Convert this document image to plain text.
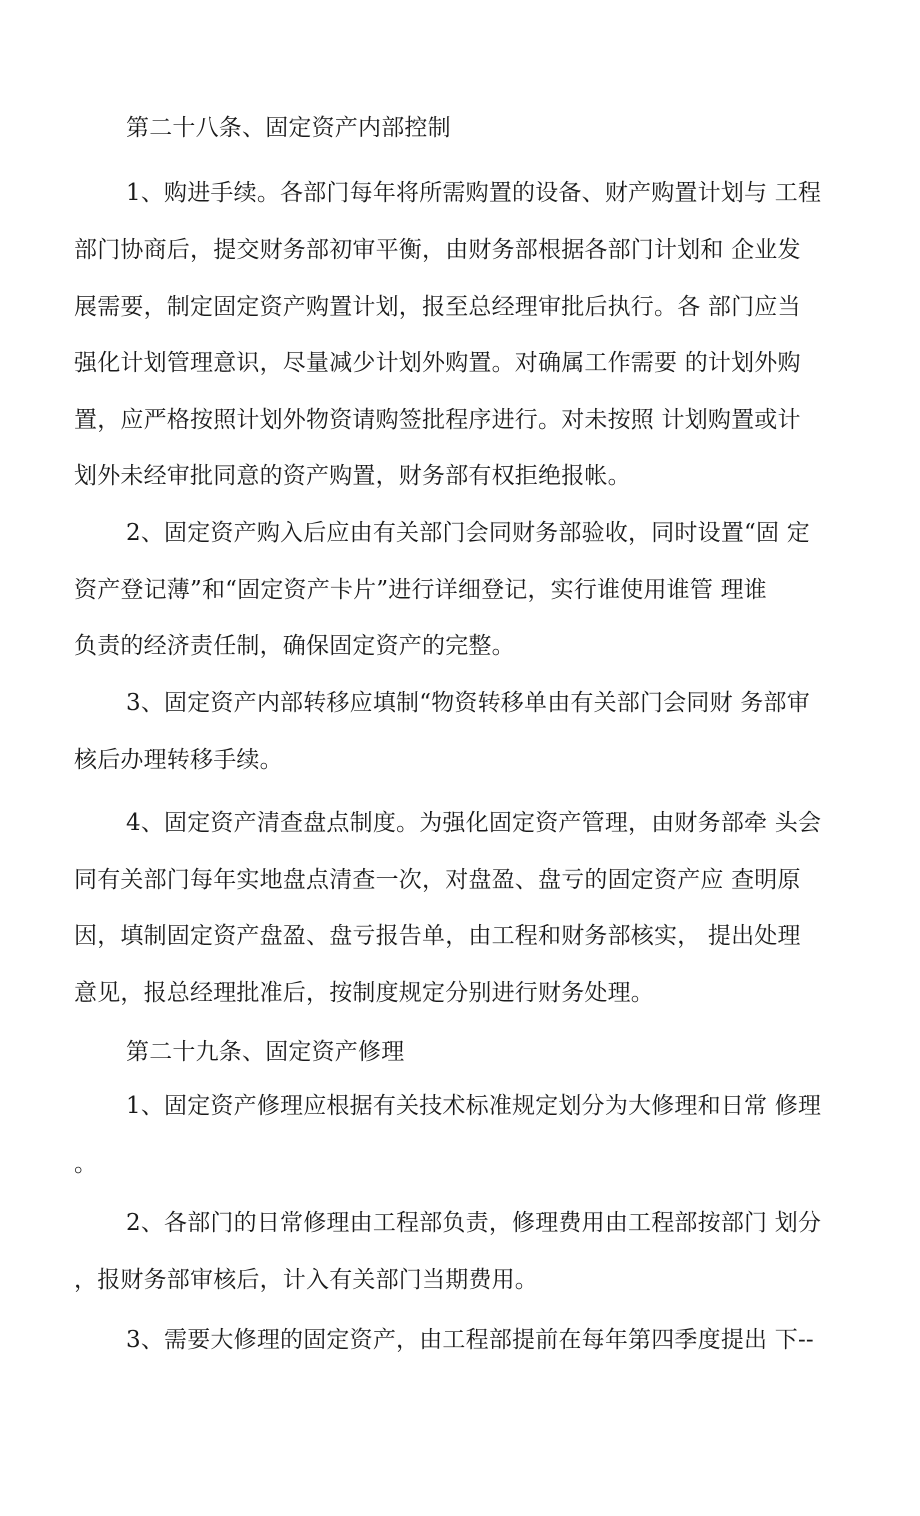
第二十八条、固定资产内部控制
1、购进手续。各部门每年将所需购置的设备、财产购置计划与 工程
部门协商后，提交财务部初审平衡，由财务部根据各部门计划和 企业发
展需要，制定固定资产购置计划，报至总经理审批后执行。各 部门应当
强化计划管理意识，尽量减少计划外购置。对确属工作需要 的计划外购
置，应严格按照计划外物资请购签批程序进行。对未按照 计划购置或计
划外未经审批同意的资产购置，财务部有权拒绝报帐。
2、固定资产购入后应由有关部门会同财务部验收，同时设置“固 定
资产登记薄”和“固定资产卡片”进行详细登记，实行谁使用谁管 理谁
负责的经济责任制，确保固定资产的完整。
3、固定资产内部转移应填制“物资转移单由有关部门会同财 务部审
核后办理转移手续。
4、固定资产清查盘点制度。为强化固定资产管理，由财务部牵 头会
同有关部门每年实地盘点清查一次，对盘盈、盘亏的固定资产应 查明原
因，填制固定资产盘盈、盘亏报告单，由工程和财务部核实， 提出处理
意见，报总经理批准后，按制度规定分别进行财务处理。
第二十九条、固定资产修理
1、固定资产修理应根据有关技术标准规定划分为大修理和日常 修理
。
2、各部门的日常修理由工程部负责，修理费用由工程部按部门 划分
，报财务部审核后，计入有关部门当期费用。
3、需要大修理的固定资产，由工程部提前在每年第四季度提出 下--
